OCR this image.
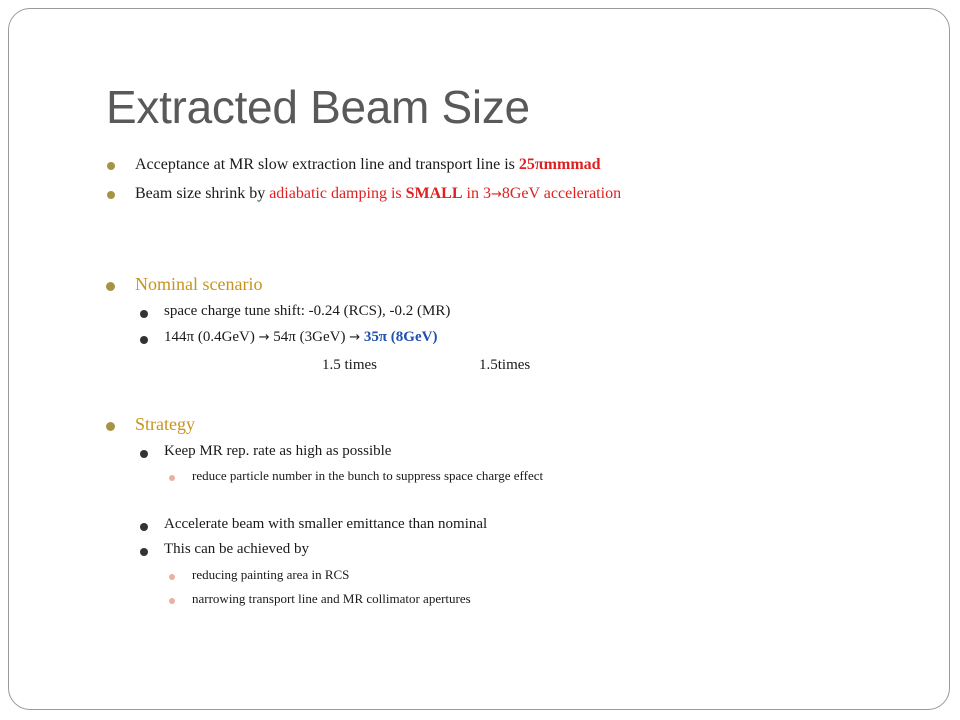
Extracted Beam Size
Acceptance at MR slow extraction line and transport line is 25πmmmad
Beam size shrink by adiabatic damping is SMALL in 3→8GeV acceleration
Nominal scenario
space charge tune shift: -0.24 (RCS), -0.2 (MR)
144π (0.4GeV) → 54π (3GeV) → 35π (8GeV)
1.5 times	1.5times
Strategy
Keep MR rep. rate as high as possible
reduce particle number in the bunch to suppress space charge effect
Accelerate beam with smaller emittance than nominal
This can be achieved by
reducing painting area in RCS
narrowing transport line and MR collimator apertures
